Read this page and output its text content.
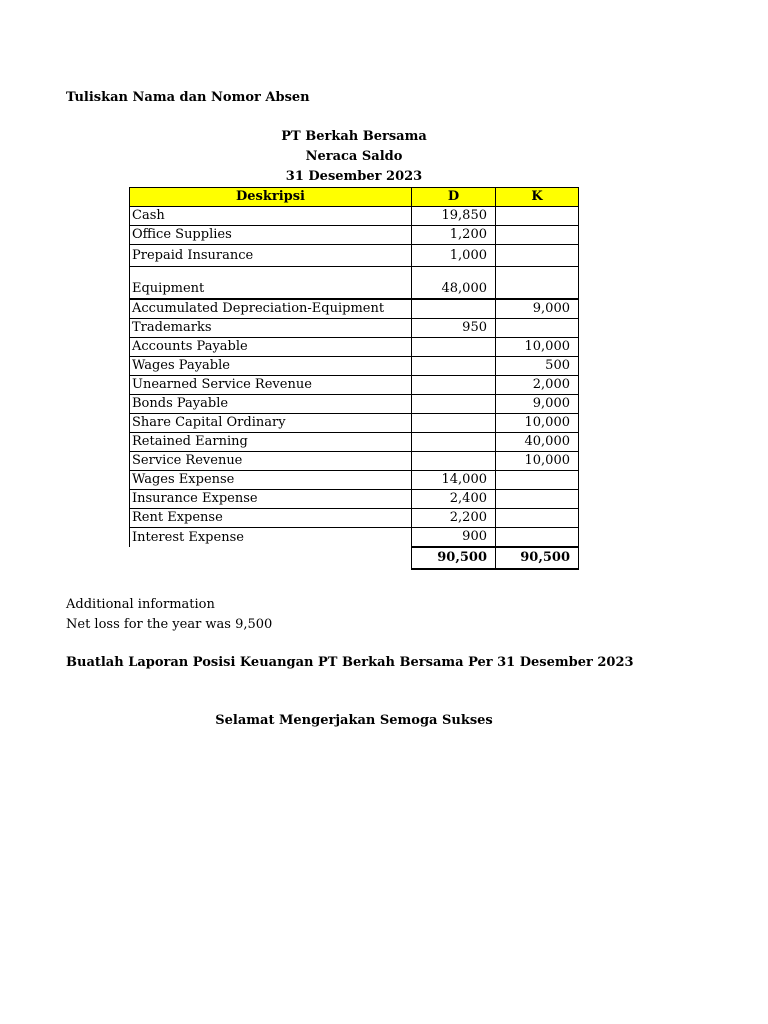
Tuliskan Nama dan Nomor Absen
PT Berkah Bersama
Neraca Saldo
31 Desember 2023
Deskripsi	D	K
Cash	19,850	
Office Supplies	1,200	
Prepaid Insurance	1,000	
Equipment	48,000	
Accumulated Depreciation-Equipment		9,000
Trademarks	950	
Accounts Payable		10,000
Wages Payable		500
Unearned Service Revenue		2,000
Bonds Payable		9,000
Share Capital Ordinary		10,000
Retained Earning		40,000
Service Revenue		10,000
Wages Expense	14,000	
Insurance Expense	2,400	
Rent Expense	2,200	
Interest Expense	900	
	90,500	90,500
Additional information
Net loss for the year was 9,500
Buatlah Laporan Posisi Keuangan PT Berkah Bersama Per 31 Desember 2023
Selamat Mengerjakan Semoga Sukses
